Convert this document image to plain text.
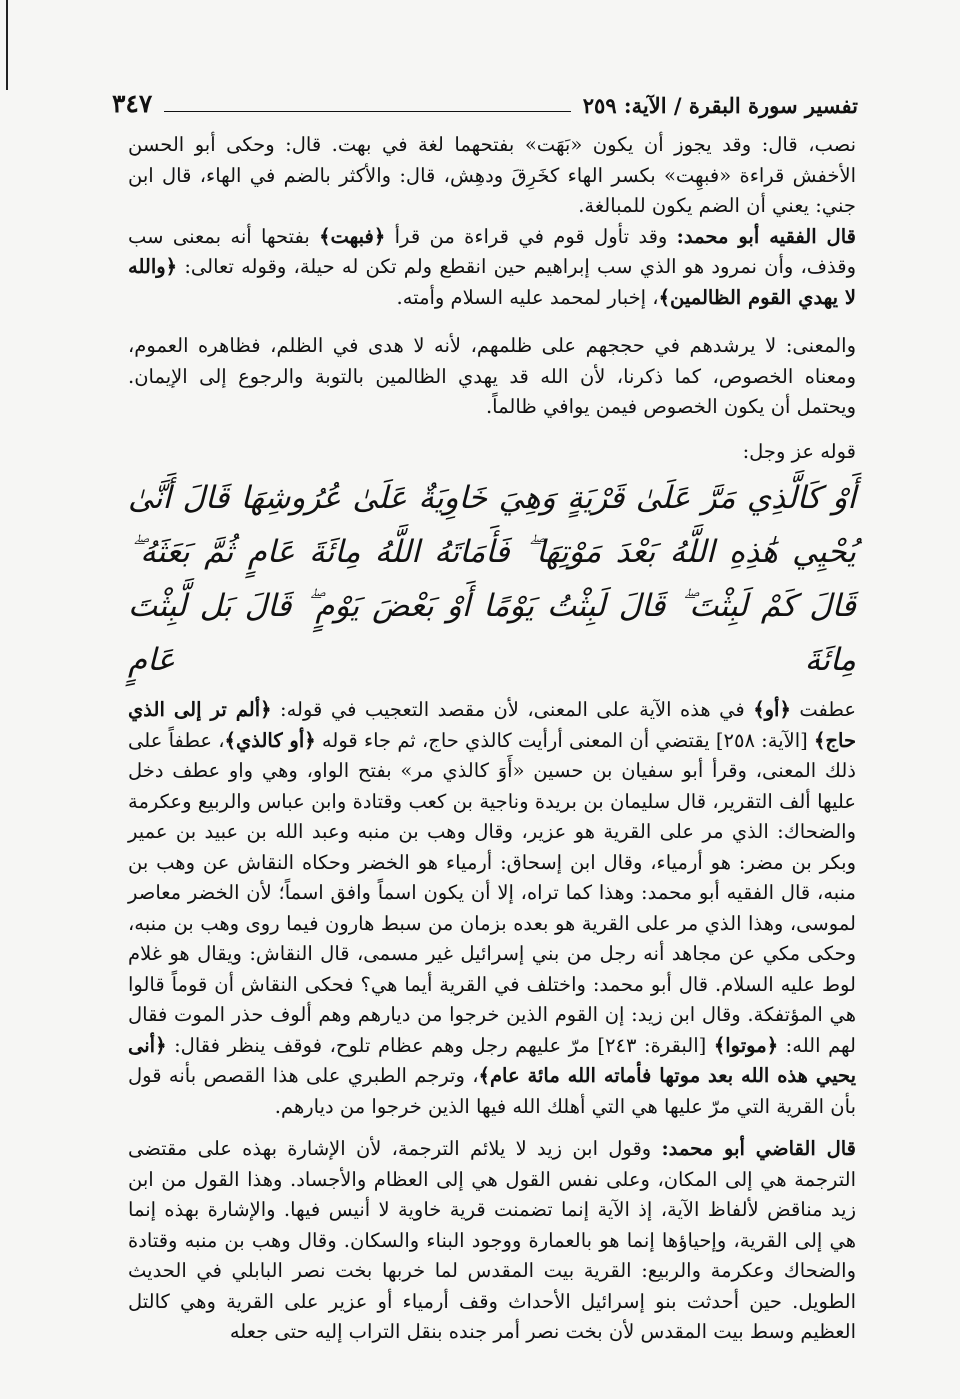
تفسير سورة البقرة / الآية: ٢٥٩
٣٤٧

نصب، قال: وقد يجوز أن يكون «بَهَت» بفتحهما لغة في بهت. قال: وحكى أبو الحسن الأخفش قراءة «فبهِت» بكسر الهاء كخَرِقَ ودهِش، قال: والأكثر بالضم في الهاء، قال ابن جني: يعني أن الضم يكون للمبالغة.

قال الفقيه أبو محمد: وقد تأول قوم في قراءة من قرأ ﴿فبهت﴾ بفتحها أنه بمعنى سب وقذف، وأن نمرود هو الذي سب إبراهيم حين انقطع ولم تكن له حيلة، وقوله تعالى: ﴿والله لا يهدي القوم الظالمين﴾، إخبار لمحمد عليه السلام وأمته.

والمعنى: لا يرشدهم في حججهم على ظلمهم، لأنه لا هدى في الظلم، فظاهره العموم، ومعناه الخصوص، كما ذكرنا، لأن الله قد يهدي الظالمين بالتوبة والرجوع إلى الإيمان. ويحتمل أن يكون الخصوص فيمن يوافي ظالماً.

قوله عز وجل:

أَوْ كَالَّذِي مَرَّ عَلَىٰ قَرْيَةٍ وَهِيَ خَاوِيَةٌ عَلَىٰ عُرُوشِهَا قَالَ أَنَّىٰ يُحْيِي هَٰذِهِ اللَّهُ بَعْدَ مَوْتِهَا ۖ فَأَمَاتَهُ اللَّهُ مِائَةَ عَامٍ ثُمَّ بَعَثَهُ ۖ قَالَ كَمْ لَبِثْتَ ۖ قَالَ لَبِثْتُ يَوْمًا أَوْ بَعْضَ يَوْمٍ ۖ قَالَ بَل لَّبِثْتَ مِائَةَ عَامٍ

عطفت ﴿أو﴾ في هذه الآية على المعنى، لأن مقصد التعجيب في قوله: ﴿ألم تر إلى الذي حاج﴾ [الآية: ٢٥٨] يقتضي أن المعنى أرأيت كالذي حاج، ثم جاء قوله ﴿أو كالذي﴾، عطفاً على ذلك المعنى، وقرأ أبو سفيان بن حسين «أَوَ كالذي مر» بفتح الواو، وهي واو عطف دخل عليها ألف التقرير، قال سليمان بن بريدة وناجية بن كعب وقتادة وابن عباس والربيع وعكرمة والضحاك: الذي مر على القرية هو عزير، وقال وهب بن منبه وعبد الله بن عبيد بن عمير وبكر بن مضر: هو أرمياء، وقال ابن إسحاق: أرمياء هو الخضر وحكاه النقاش عن وهب بن منبه، قال الفقيه أبو محمد: وهذا كما تراه، إلا أن يكون اسماً وافق اسماً؛ لأن الخضر معاصر لموسى، وهذا الذي مر على القرية هو بعده بزمان من سبط هارون فيما روى وهب بن منبه، وحكى مكي عن مجاهد أنه رجل من بني إسرائيل غير مسمى، قال النقاش: ويقال هو غلام لوط عليه السلام. قال أبو محمد: واختلف في القرية أيما هي؟ فحكى النقاش أن قوماً قالوا هي المؤتفكة. وقال ابن زيد: إن القوم الذين خرجوا من ديارهم وهم ألوف حذر الموت فقال لهم الله: ﴿موتوا﴾ [البقرة: ٢٤٣] مرّ عليهم رجل وهم عظام تلوح، فوقف ينظر فقال: ﴿أنى يحيي هذه الله بعد موتها فأماته الله مائة عام﴾، وترجم الطبري على هذا القصص بأنه قول بأن القرية التي مرّ عليها هي التي أهلك الله فيها الذين خرجوا من ديارهم.

قال القاضي أبو محمد: وقول ابن زيد لا يلائم الترجمة، لأن الإشارة بهذه على مقتضى الترجمة هي إلى المكان، وعلى نفس القول هي إلى العظام والأجساد. وهذا القول من ابن زيد مناقض لألفاظ الآية، إذ الآية إنما تضمنت قرية خاوية لا أنيس فيها. والإشارة بهذه إنما هي إلى القرية، وإحياؤها إنما هو بالعمارة ووجود البناء والسكان. وقال وهب بن منبه وقتادة والضحاك وعكرمة والربيع: القرية بيت المقدس لما خربها بخت نصر البابلي في الحديث الطويل. حين أحدثت بنو إسرائيل الأحداث وقف أرمياء أو عزير على القرية وهي كالتل العظيم وسط بيت المقدس لأن بخت نصر أمر جنده بنقل التراب إليه حتى جعله
